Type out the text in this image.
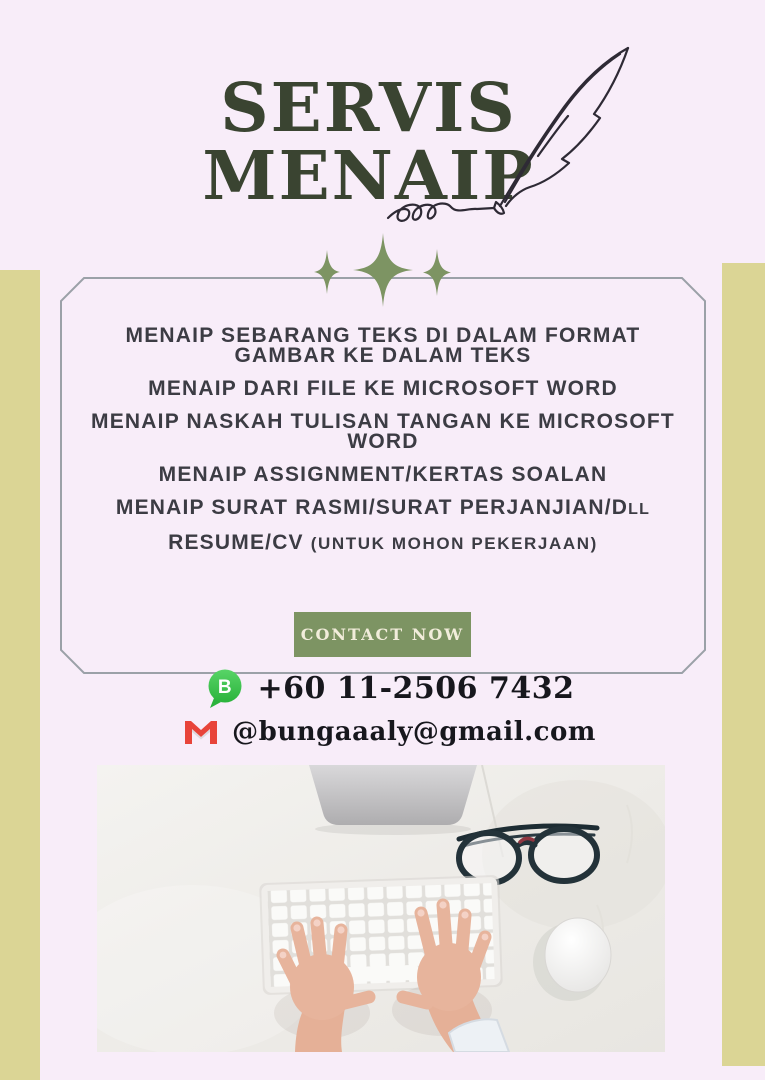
SERVIS
MENAIP
MENAIP SEBARANG TEKS DI DALAM FORMAT
GAMBAR KE DALAM TEKS
MENAIP DARI FILE KE MICROSOFT WORD
MENAIP NASKAH TULISAN TANGAN KE MICROSOFT
WORD
MENAIP ASSIGNMENT/KERTAS SOALAN
MENAIP SURAT RASMI/SURAT PERJANJIAN/DLL
RESUME/CV (UNTUK MOHON PEKERJAAN)
CONTACT NOW
B +60 11-2506 7432
@bungaaaly@gmail.com
